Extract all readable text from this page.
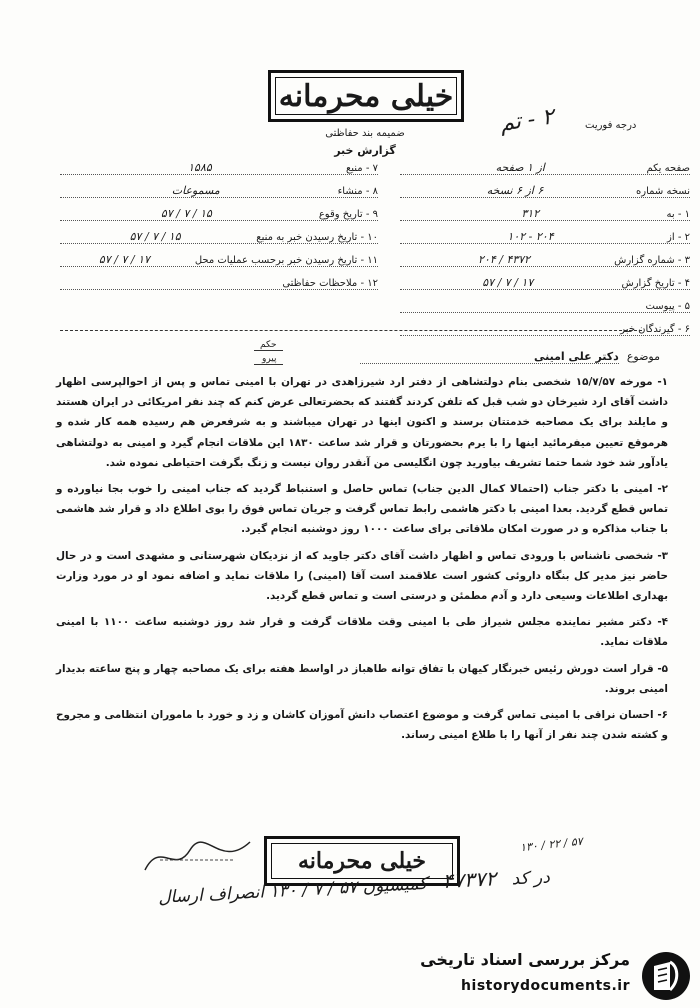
خیلی محرمانه
درجه فوریت
۲ - تم
ضمیمه بند حفاظتی
گزارش خبر
صفحه یکم
از ۱ صفحه
نسخه شماره
۶ از ۶ نسخه
۱ - به
۳۱۲
۲ - از
۲۰۴ - ۱۰۲
۳ - شماره گزارش
۴۳۷۲ / ۲۰۴
۴ - تاریخ گزارش
۱۷ / ۷ / ۵۷
۵ - پیوست
۶ - گیرندگان خبر
۷ - منبع
۱۵۸۵
۸ - منشاء
مسموعات
۹ - تاریخ وقوع
۱۵ / ۷ / ۵۷
۱۰ - تاریخ رسیدن خبر به منبع
۱۵ / ۷ / ۵۷
۱۱ - تاریخ رسیدن خبر برحسب عملیات محل
۱۷ / ۷ / ۵۷
۱۲ - ملاحظات حفاظتی
حکم
پیرو	موضوع
دکتر علی امینی

۱- مورخه ۱۵/۷/۵۷ شخصی بنام دولتشاهی از دفتر ارد شیرزاهدی در تهران با امینی تماس و پس از احوالپرسی اظهار داشت آقای ارد شیرخان دو شب قبل که تلفن کردند گفتند که بحضرتعالی عرض کنم که چند نفر امریکائی در ایران هستند و مایلند برای یک مصاحبه خدمتتان برسند و اکنون اینها در تهران میباشند و به شرفعرض هم رسیده همه کار شده و هرموقع تعیین میفرمائید اینها را با یرم بحضورتان و قرار شد ساعت ۱۸۳۰ این ملاقات انجام گیرد و امینی به دولتشاهی یادآور شد خود شما حتما تشریف بیاورید چون انگلیسی من آنقدر روان نیست و زنگ بگرفت احتیاطی نموده شد.

۲- امینی با دکتر جناب (احتمالا کمال الدین جناب) تماس حاصل و استنباط گردید که جناب امینی را خوب بجا نیاورده و تماس قطع گردید. بعدا امینی با دکتر هاشمی رابط تماس گرفت و جریان تماس فوق را بوی اطلاع داد و قرار شد هاشمی با جناب مذاکره و در صورت امکان ملاقاتی برای ساعت ۱۰۰۰ روز دوشنبه انجام گیرد.

۳- شخصی ناشناس با ورودی تماس و اظهار داشت آقای دکتر جاوید که از نزدیکان شهرستانی و مشهدی است و در حال حاضر نیز مدیر کل بنگاه داروئی کشور است علاقمند است آقا (امینی) را ملاقات نماید و اضافه نمود او در مورد وزارت بهداری اطلاعات وسیعی دارد و آدم مطمئن و درستی است و تماس قطع گردید.

۴- دکتر مشیر نماینده مجلس شیراز طی با امینی وقت ملاقات گرفت و قرار شد روز دوشنبه ساعت ۱۱۰۰ با امینی ملاقات نماید.

۵- قرار است دورش رئیس خبرنگار کیهان با تفاق توانه طاهباز در اواسط هفته برای یک مصاحبه چهار و پنج ساعته بدیدار امینی بروند.

۶- احسان نراقی با امینی تماس گرفت و موضوع اعتصاب دانش آموزان کاشان و زد و خورد با ماموران انتظامی و مجروح و کشته شدن چند نفر از آنها را با طلاع امینی رساند.

خیلی محرمانه
۱۳۰ / ۲۲ / ۵۷
در کد ۴۷۳۷۲ کمیسیون ۵۷ / ۷ / ۱۳۰ انصراف ارسال
مرکز بررسی اسناد تاریخی
historydocuments.ir
